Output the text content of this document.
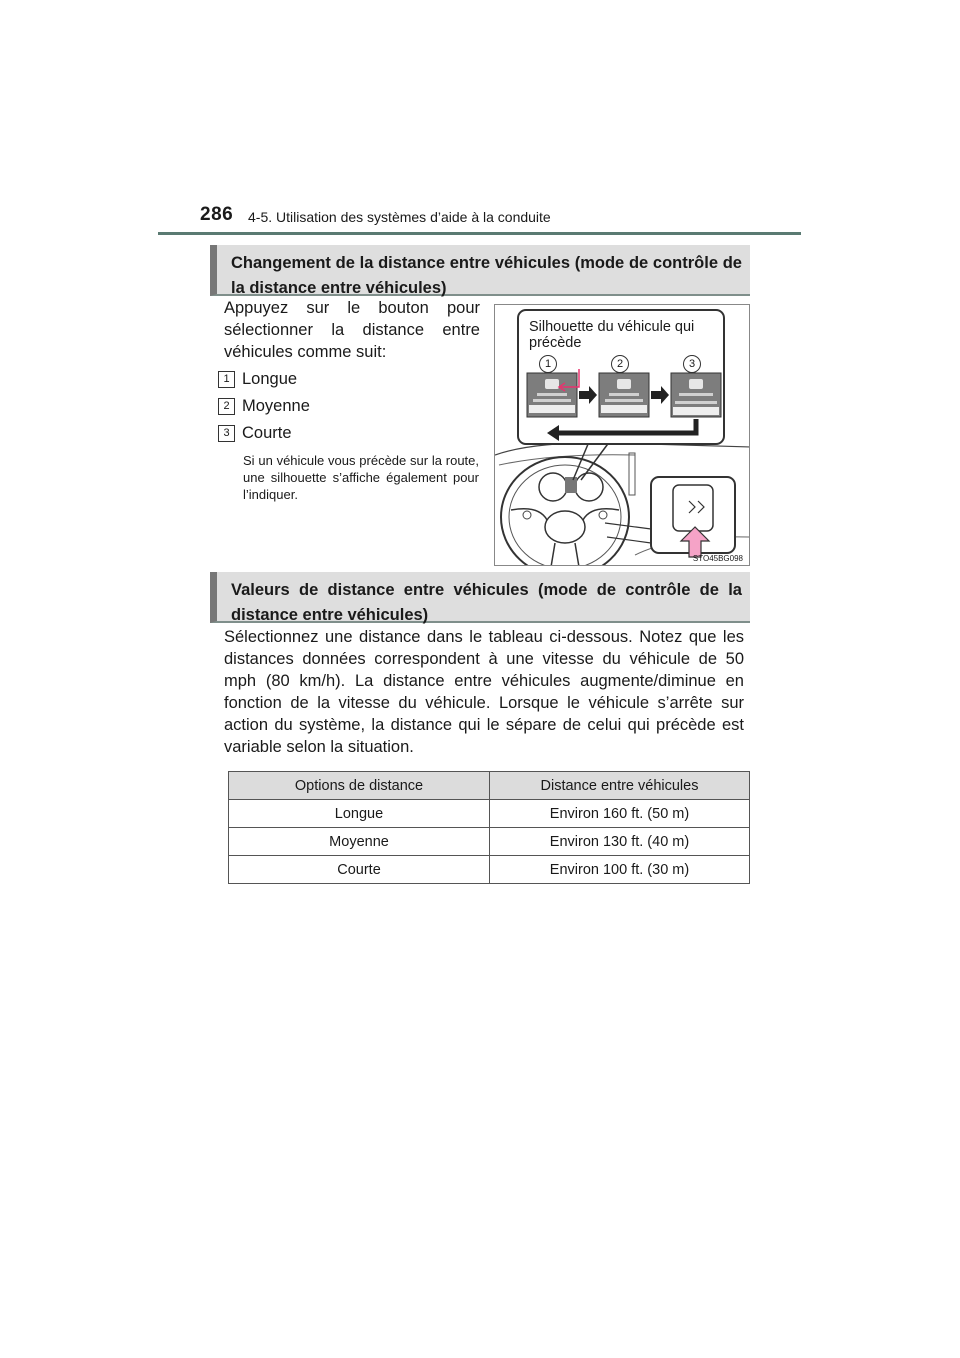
286 4-5. Utilisation des systèmes d’aide à la conduite
Changement de la distance entre véhicules (mode de contrôle de la distance entre véhicules)
Appuyez sur le bouton pour sélectionner la distance entre véhicules comme suit:
1 Longue
2 Moyenne
3 Courte
Si un véhicule vous précède sur la route, une silhouette s’affiche également pour l’indiquer.
Silhouette du véhicule qui précède
1	2	3
STO45BG098
Valeurs de distance entre véhicules (mode de contrôle de la distance entre véhicules)
Sélectionnez une distance dans le tableau ci-dessous. Notez que les distances données correspondent à une vitesse du véhicule de 50 mph (80 km/h). La distance entre véhicules augmente/diminue en fonction de la vitesse du véhicule. Lorsque le véhicule s’arrête sur action du système, la distance qui le sépare de celui qui précède est variable selon la situation.
Options de distance	Distance entre véhicules
Longue	Environ 160 ft. (50 m)
Moyenne	Environ 130 ft. (40 m)
Courte	Environ 100 ft. (30 m)
